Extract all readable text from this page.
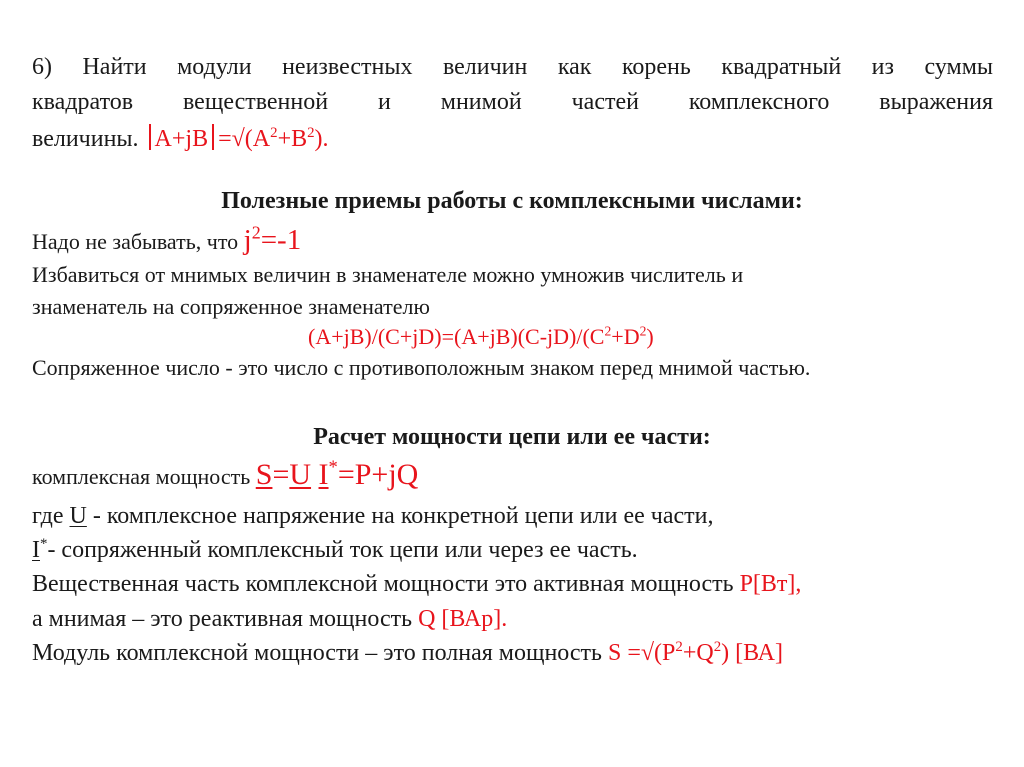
6) Найти модули неизвестных величин как корень квадратный из суммы
квадратов вещественной и мнимой частей комплексного выражения
величины. $A+jB =√(A^2+B^2)$.
Полезные приемы работы с комплексными числами:
Надо не забывать, что $j^2=-1$
Избавиться от мнимых величин в знаменателе можно умножив числитель и
знаменатель на сопряженное знаменателю
$(A+jB)/(C+jD)=(A+jB)(C-jD)/(C^2+D^2)$
Сопряженное число - это число с противоположным знаком перед мнимой частью.
Расчет мощности цепи или ее части:
комплексная мощность S=U I*=P+jQ
где U - комплексное напряжение на конкретной цепи или ее части,
I*- сопряженный комплексный ток цепи или через ее часть.
Вещественная часть комплексной мощности это активная мощность P[Вт],
а мнимая – это реактивная мощность Q [ВАр].
Модуль комплексной мощности – это полная мощность $S =√(P^2+Q^2)$ [ВА]
